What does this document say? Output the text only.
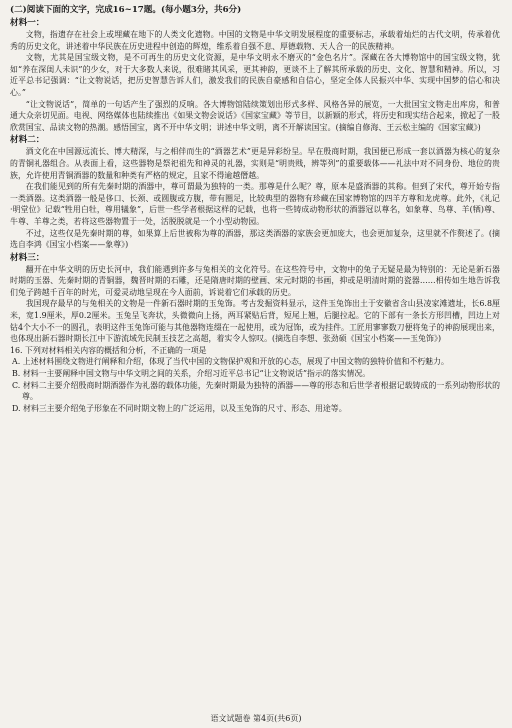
(二)阅读下面的文字，完成16~17题。(每小题3分，共6分)

材料一：

文物，指遗存在社会上或埋藏在地下的人类文化遗物。中国的文物是中华文明发展程度的重要标志，承载着灿烂的古代文明，传承着优秀的历史文化，讲述着中华民族在历史进程中创造的辉煌，维系着自强不息、厚德载物、天人合一的民族精神。

文物，尤其是国宝级文物，是不可再生的历史文化资源，是中华文明永不磨灭的“金色名片”。深藏在各大博物馆中的国宝级文物，犹如“养在深闺人未识”的少女，对于大多数人来说，很难睹其风采，更其神韵，更谈不上了解其所承载的历史、文化、智慧和精神。所以，习近平总书记强调：“让文物说话，把历史智慧告诉人们，激发我们的民族自豪感和自信心，坚定全体人民振兴中华、实现中国梦的信心和决心。”

“让文物说话”，简单的一句话产生了强烈的反响。各大博物馆陆续策划出形式多样、风格各异的展览，一大批国宝文物走出库房，和普通大众亲切见面。电视、网络媒体也陆续推出《如果文物会说话》《国家宝藏》等节目，以新颖的形式，将历史和现实结合起来，掀起了一股欣赏国宝、品读文物的热潮。感悟国宝，离不开中华文明；讲述中华文明，离不开解读国宝。(摘编自修海、王云松主编的《国家宝藏》)

材料二：

酒文化在中国源远流长、博大精深，与之相伴而生的“酒器艺术”更是异彩纷呈。早在殷商时期，我国便已形成一套以酒器为核心的复杂的青铜礼器组合。从表面上看，这些器物是祭祀祖先和神灵的礼器，实则是“明贵贱，辨等列”的重要载体——礼法中对不同身份、地位的贵族，允许使用青铜酒器的数量和种类有严格的规定，且家不得逾越僭越。

在我们能见到的所有先秦时期的酒器中，尊可谓最为独特的一类。那尊是什么呢？尊，原本是盛酒器的其称。但到了宋代，尊开始专指一类酒器。这类酒器一般是侈口、长颈、或圆腹或方腹，带有圈足，比较典型的器物有珍藏在国家博物馆的四羊方尊和龙虎尊。此外，《礼记·明堂位》记载“牲用白牡，尊用犠象”，后世一些学者根据这样的记载，也将一些铸成动物形状的酒器冠以尊名，如象尊、鸟尊、羊(牺)尊、牛尊、羊尊之类，若将这些器物置于一处，活脱脱就是一个小型动物园。

不过，这些仅是先秦时期的尊，如果算上后世被称为尊的酒器，那这类酒器的家族会更加庞大，也会更加复杂，这里就不作赘述了。(摘选自李鸿《国宝小档案——象尊》)

材料三：

翻开在中华文明的历史长河中，我们能遇到许多与兔相关的文化符号。在这些符号中，文物中的兔子无疑是最为特别的：无论是新石器时期的玉器、先秦时期的青铜器，魏晋时期的石雕，还是隋唐时期的壁画、宋元时期的书画，抑或是明清时期的瓷器……相传如生地告诉我们兔子跨越千百年的时光，可爱灵动地呈现在今人面前，诉说着它们承载的历史。

我国现存最早的与兔相关的文物是一件新石器时期的玉兔饰。考古发掘资料显示，这件玉兔饰出土于安徽省含山县凌家滩遗址，长6.8厘米，宽1.9厘米，厚0.2厘米。玉兔呈飞奔状，头微微向上扬，两耳紧贴后背，短尾上翘，后腿拉起。它的下部有一条长方形凹槽，凹边上对钻4个大小不一的圆孔，表明这件玉兔饰可能与其他器物连缀在一起使用，或为冠饰，或为挂件。工匠用寥寥数刀便将兔子的神韵展现出来，也体现出新石器时期长江中下游流域先民制玉技艺之高超，着实令人惊叹。(摘选自李想、张劲硕《国宝小档案——玉兔饰》)

16. 下列对材料相关内容的概括和分析，不正确的一项是

A. 上述材料围绕文物进行阐释和介绍，体现了当代中国的文物保护观和开放的心态，展现了中国文物的独特价值和不朽魅力。

B. 材料一主要阐释中国文物与中华文明之间的关系，介绍习近平总书记“让文物说话”指示的落实情况。

C. 材料二主要介绍殷商时期酒器作为礼器的载体功能，先秦时期最为独特的酒器——尊的形态和后世学者根据记载铸成的一系列动物形状的尊。

D. 材料三主要介绍兔子形象在不同时期文物上的广泛运用，以及玉兔饰的尺寸、形态、用途等。

语文试题卷 第4页(共6页)
